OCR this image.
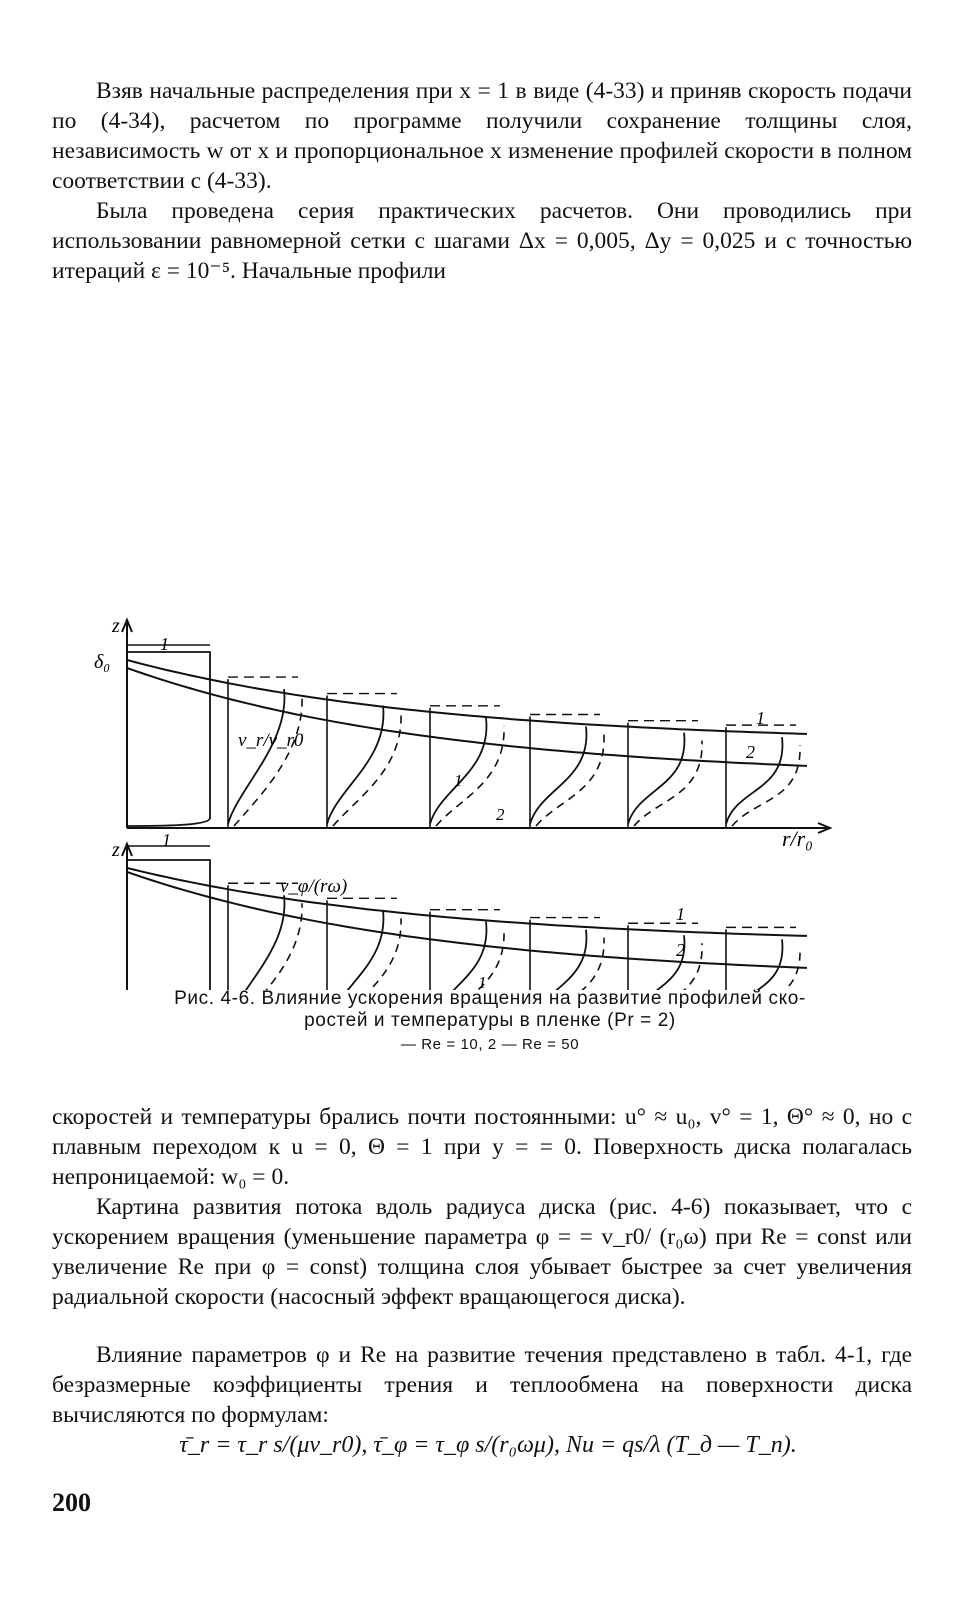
Взяв начальные распределения при x = 1 в виде (4-33) и приняв скорость подачи по (4-34), расчетом по программе получили сохранение толщины слоя, независимость w от x и пропорциональное x изменение профилей скорости в полном соответствии с (4-33).

Была проведена серия практических расчетов. Они проводились при использовании равномерной сетки с шагами Δx = 0,005, Δy = 0,025 и с точностью итераций ε = 10⁻⁵. Начальные профили

z
δ₀
1
v_r/v_r0
1
2
1
2
r/r₀
z 1
v_φ/(rω)
1
2
1
Рис. 4-6. Влияние ускорения вращения на развитие профилей ско-
ростей и температуры в пленке (Pr = 2)
— Re = 10, 2 — Re = 50

скоростей и температуры брались почти постоянными: u° ≈ u₀, v° = 1, Θ° ≈ 0, но с плавным переходом к u = 0, Θ = 1 при y = = 0. Поверхность диска полагалась непроницаемой: w₀ = 0.

Картина развития потока вдоль радиуса диска (рис. 4-6) показывает, что с ускорением вращения (уменьшение параметра φ = = v_r0/ (r₀ω) при Re = const или увеличение Re при φ = const) толщина слоя убывает быстрее за счет увеличения радиальной скорости (насосный эффект вращающегося диска).

Влияние параметров φ и Re на развитие течения представлено в табл. 4-1, где безразмерные коэффициенты трения и теплообмена на поверхности диска вычисляются по формулам:

τ̄_r = τ_r s/(μv_r0), τ̄_φ = τ_φ s/(r₀ωμ), Nu = qs/λ (T_д — T_п).
200
